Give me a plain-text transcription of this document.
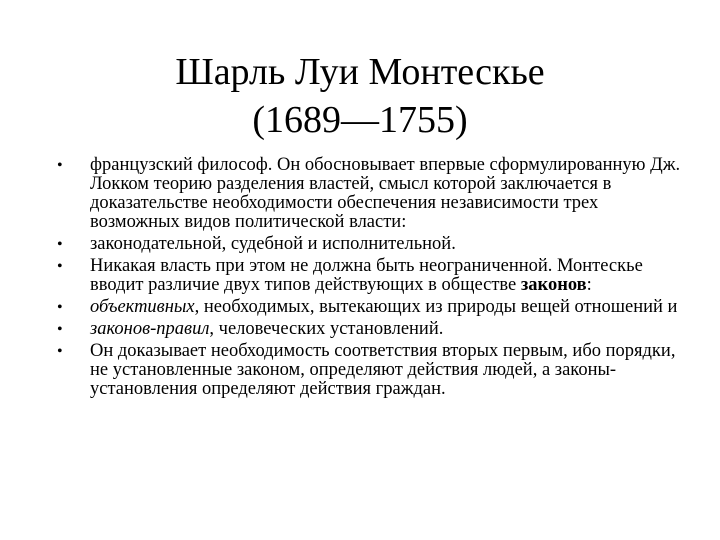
Шарль Луи Монтескье
(1689—1755)
• французский философ. Он обосновывает впервые сформулированную Дж. Локком теорию разделения властей, смысл которой заключается в доказательстве необходимости обеспечения независимости трех возможных видов политической власти:
• законодательной, судебной и исполнительной.
• Никакая власть при этом не должна быть неограниченной. Монтескье вводит различие двух типов действующих в обществе законов:
• объективных, необходимых, вытекающих из природы вещей отношений и
• законов-правил, человеческих установлений.
• Он доказывает необходимость соответствия вторых первым, ибо порядки, не установленные законом, определяют действия людей, а законы-установления определяют действия граждан.
